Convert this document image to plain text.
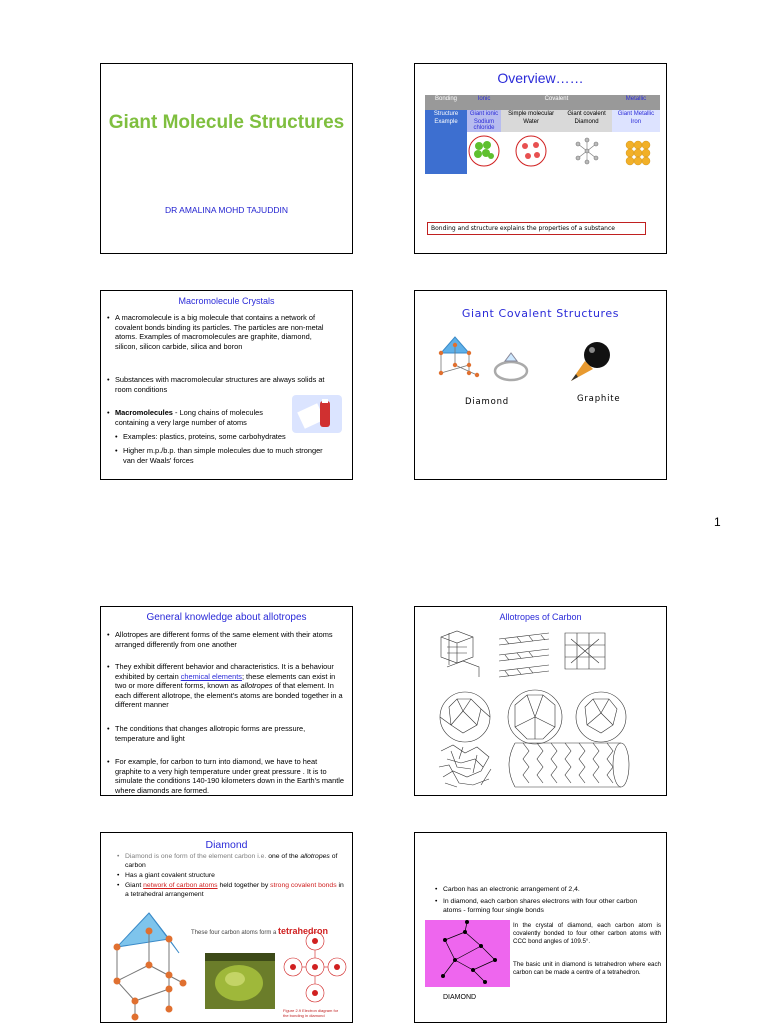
Giant Molecule Structures
DR AMALINA MOHD TAJUDDIN
Overview……
Bonding	Ionic	Covalent		Metallic
Structure	Giant ionic	Simple molecular	Giant covalent	Giant Metallic
Example	Sodium chloride	Water	Diamond	Iron

Bonding and structure explains the properties of a substance
Macromolecule Crystals
• A macromolecule is a big molecule that contains a network of covalent bonds binding its particles. The particles are non-metal atoms. Examples of macromolecules are graphite, diamond, silicon, silicon carbide, silica and boron
• Substances with macromolecular structures are always solids at room conditions
• Macromolecules - Long chains of molecules containing a very large number of atoms
• Examples: plastics, proteins, some carbohydrates
• Higher m.p./b.p. than simple molecules due to much stronger van der Waals' forces
Giant Covalent Structures
Diamond	Graphite
1
General knowledge about allotropes
• Allotropes are different forms of the same element with their atoms arranged differently from one another
• They exhibit different behavior and characteristics. It is a behaviour exhibited by certain chemical elements; these elements can exist in two or more different forms, known as allotropes of that element. In each different allotrope, the element's atoms are bonded together in a different manner
• The conditions that changes allotropic forms are pressure, temperature and light
• For example, for carbon to turn into diamond, we have to heat graphite to a very high temperature under great pressure . It is to simulate the conditions 140-190 kilometers down in the Earth's mantle where diamonds are formed.
Allotropes of Carbon
Diamond
• Diamond is one form of the element carbon i.e. one of the allotropes of carbon
• Has a giant covalent structure
• Giant network of carbon atoms held together by strong covalent bonds in a tetrahedral arrangement
These four carbon atoms form a tetrahedron
Figure 2.9 Electron diagram for the bonding in diamond
• Carbon has an electronic arrangement of 2,4.
• In diamond, each carbon shares electrons with four other carbon atoms - forming four single bonds
In the crystal of diamond, each carbon atom is covalently bonded to four other carbon atoms with CCC bond angles of 109.5°.
The basic unit in diamond is tetrahedron where each carbon can be made a centre of a tetrahedron.
DIAMOND
